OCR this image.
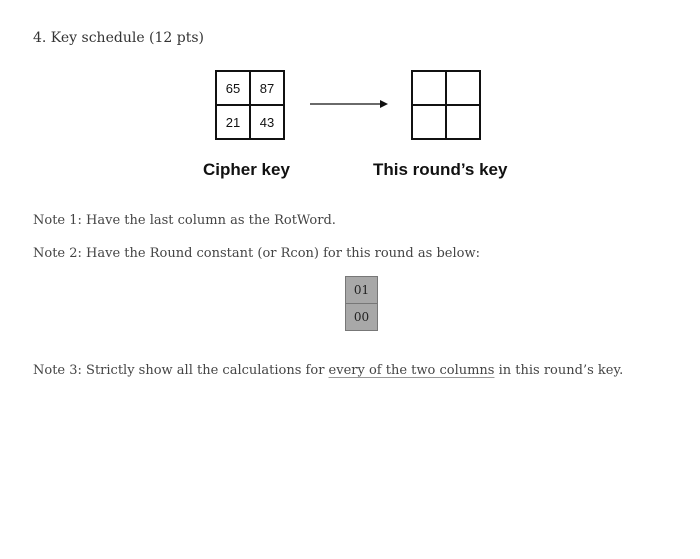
4. Key schedule (12 pts)
65	87
21	43
Cipher key	This round’s key
Note 1: Have the last column as the RotWord.
Note 2: Have the Round constant (or Rcon) for this round as below:
01
00
Note 3: Strictly show all the calculations for every of the two columns in this round’s key.
